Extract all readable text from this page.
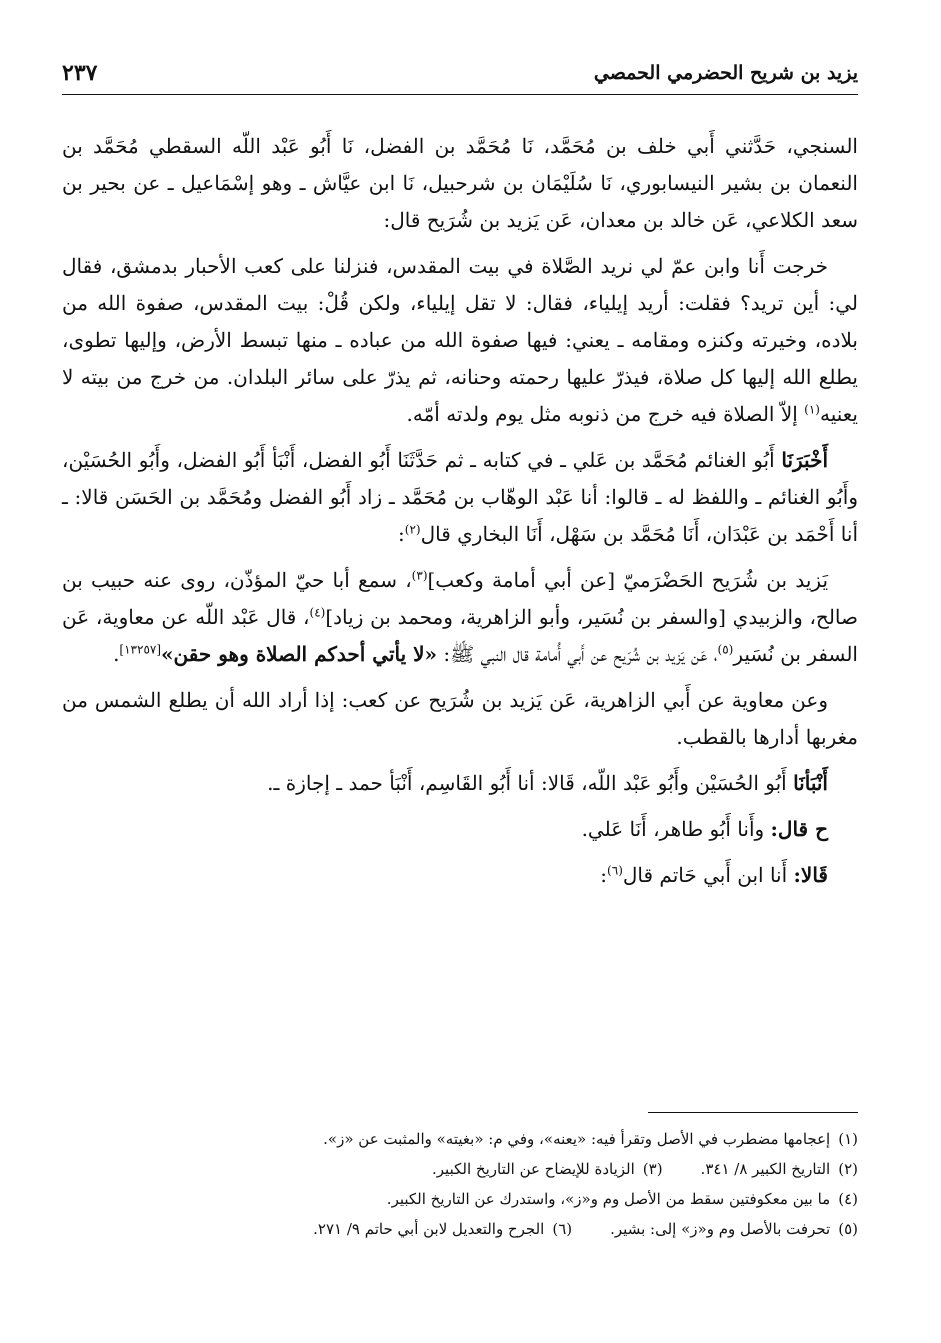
يزيد بن شريح الحضرمي الحمصي
٢٣٧

السنجي، حَدَّثني أَبي خلف بن مُحَمَّد، نَا مُحَمَّد بن الفضل، نَا أَبُو عَبْد اللّه السقطي مُحَمَّد بن النعمان بن بشير النيسابوري، نَا سُلَيْمَان بن شرحبيل، نَا ابن عيَّاش ـ وهو إسْمَاعيل ـ عن بحير بن سعد الكلاعي، عَن خالد بن معدان، عَن يَزيد بن شُرَيح قال:

خرجت أَنا وابن عمّ لي نريد الصَّلاة في بيت المقدس، فنزلنا على كعب الأحبار بدمشق، فقال لي: أين تريد؟ فقلت: أريد إيلياء، فقال: لا تقل إيلياء، ولكن قُلْ: بيت المقدس، صفوة الله من بلاده، وخيرته وكنزه ومقامه ـ يعني: فيها صفوة الله من عباده ـ منها تبسط الأرض، وإليها تطوى، يطلع الله إليها كل صلاة، فيذرّ عليها رحمته وحنانه، ثم يذرّ على سائر البلدان. من خرج من بيته لا يعنيه$^{(١)}$ إلاّ الصلاة فيه خرج من ذنوبه مثل يوم ولدته أمّه.

أَخْبَرَنَا أَبُو الغنائم مُحَمَّد بن عَلي ـ في كتابه ـ ثم حَدَّثَنَا أَبُو الفضل، أَنْبَأ أَبُو الفضل، وأَبُو الحُسَيْن، وأَبُو الغنائم ـ واللفظ له ـ قالوا: أنا عَبْد الوهّاب بن مُحَمَّد ـ زاد أَبُو الفضل ومُحَمَّد بن الحَسَن قالا: ـ أنا أَحْمَد بن عَبْدَان، أَنَا مُحَمَّد بن سَهْل، أَنَا البخاري قال$^{(٢)}$:

يَزيد بن شُرَيح الحَضْرَميّ [عن أبي أمامة وكعب]$^{(٣)}$، سمع أبا حيّ المؤذّن، روى عنه حبيب بن صالح، والزبيدي [والسفر بن نُسَير، وأبو الزاهرية، ومحمد بن زياد]$^{(٤)}$، قال عَبْد اللّه عن معاوية، عَن السفر بن نُسَير$^{(٥)}$، عَن يَزيد بن شُرَيح عن أَبي أُمامة قال النبي ﷺ: «لا يأتي أحدكم الصلاة وهو حقن»[١٣٢٥٧].

وعن معاوية عن أَبي الزاهرية، عَن يَزيد بن شُرَيح عن كعب: إذا أراد الله أن يطلع الشمس من مغربها أدارها بالقطب.

أَنْبَأنَا أَبُو الحُسَيْن وأَبُو عَبْد اللّه، قَالا: أنا أَبُو القَاسِم، أَنْبَأ حمد ـ إجازة ـ.

ح قال: وأَنا أَبُو طاهر، أَنَا عَلي.

قَالا: أَنا ابن أَبي حَاتم قال$^{(٦)}$:

(١)إعجامها مضطرب في الأصل وتقرأ فيه: «يعنه»، وفي م: «بغيته» والمثبت عن «ز».
(٢)التاريخ الكبير ٨/ ٣٤١.
(٣)الزيادة للإيضاح عن التاريخ الكبير.
(٤)ما بين معكوفتين سقط من الأصل وم و«ز»، واستدرك عن التاريخ الكبير.
(٥)تحرفت بالأصل وم و«ز» إلى: بشير.
(٦)الجرح والتعديل لابن أبي حاتم ٩/ ٢٧١.
